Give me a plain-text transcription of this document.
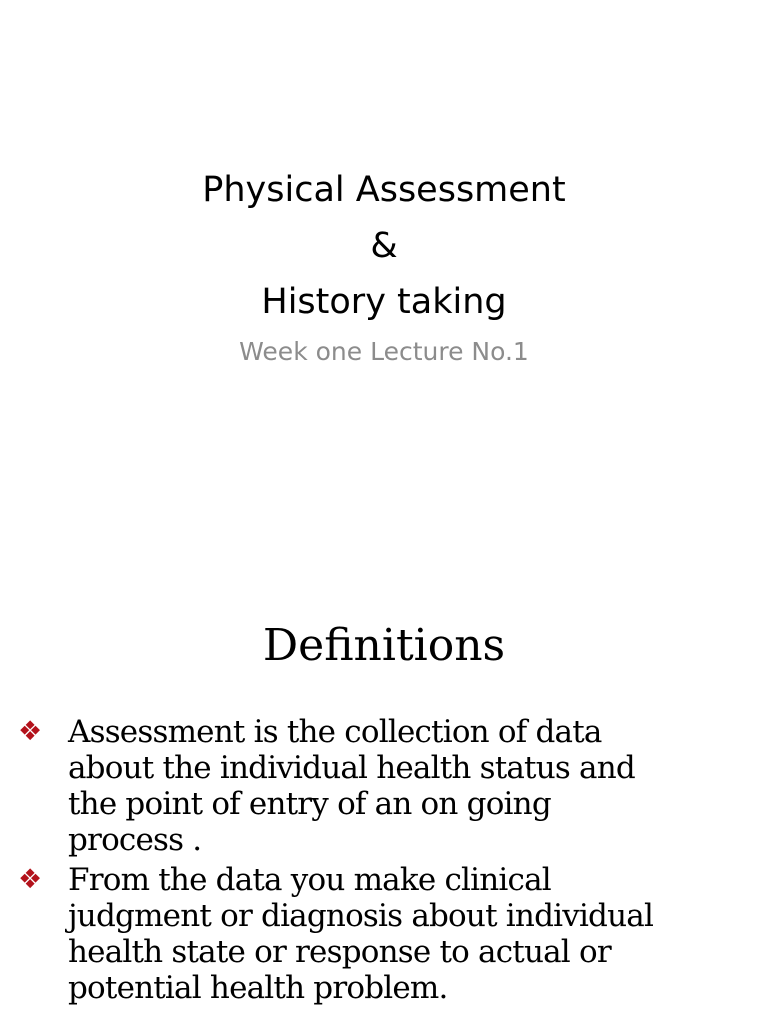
Physical Assessment
&
History taking
Week one Lecture No.1
Definitions
❖ Assessment is the collection of data
about the individual health status and
the point of entry of an on going
process .
❖ From the data you make clinical
judgment or diagnosis about individual
health state or response to actual or
potential health problem.
